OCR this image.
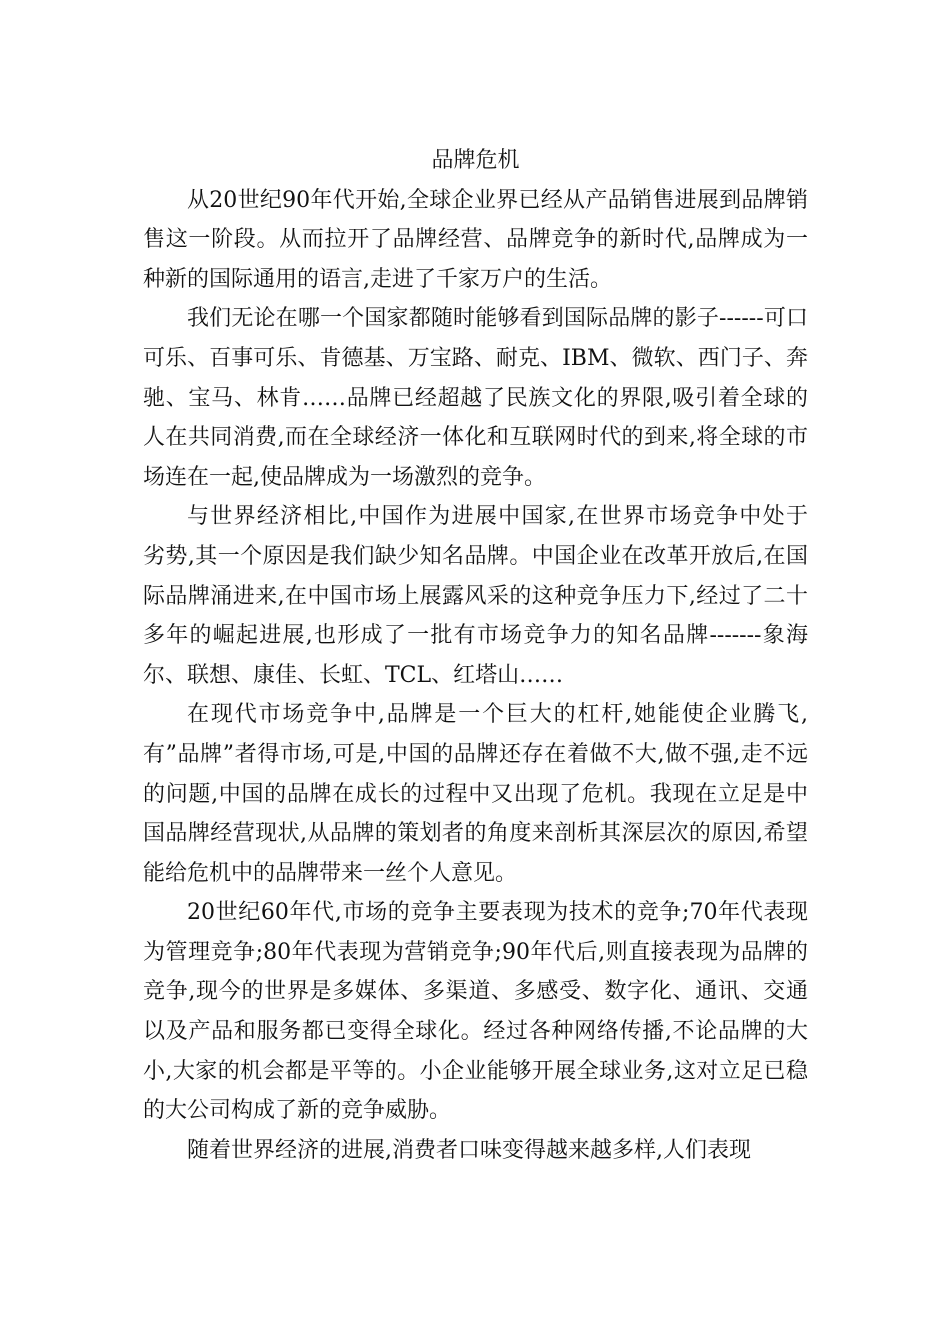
品牌危机

从20世纪90年代开始,全球企业界已经从产品销售进展到品牌销售这一阶段。从而拉开了品牌经营、品牌竞争的新时代,品牌成为一种新的国际通用的语言,走进了千家万户的生活。

我们无论在哪一个国家都随时能够看到国际品牌的影子------可口可乐、百事可乐、肯德基、万宝路、耐克、IBM、微软、西门子、奔驰、宝马、林肯……品牌已经超越了民族文化的界限,吸引着全球的人在共同消费,而在全球经济一体化和互联网时代的到来,将全球的市场连在一起,使品牌成为一场激烈的竞争。

与世界经济相比,中国作为进展中国家,在世界市场竞争中处于　劣势,其一个原因是我们缺少知名品牌。中国企业在改革开放后,在国际品牌涌进来,在中国市场上展露风采的这种竞争压力下,经过了二十多年的崛起进展,也形成了一批有市场竞争力的知名品牌-------象海尔、联想、康佳、长虹、TCL、红塔山……

在现代市场竞争中,品牌是一个巨大的杠杆,她能使企业腾飞,有”品牌”者得市场,可是,中国的品牌还存在着做不大,做不强,走不远的问题,中国的品牌在成长的过程中又出现了危机。我现在立足是中国品牌经营现状,从品牌的策划者的角度来剖析其深层次的原因,希望能给危机中的品牌带来一丝个人意见。

20世纪60年代,市场的竞争主要表现为技术的竞争;70年代表现为管理竞争;80年代表现为营销竞争;90年代后,则直接表现为品牌的竞争,现今的世界是多媒体、多渠道、多感受、数字化、通讯、交通以及产品和服务都已变得全球化。经过各种网络传播,不论品牌的大小,大家的机会都是平等的。小企业能够开展全球业务,这对立足已稳的大公司构成了新的竞争威胁。

随着世界经济的进展,消费者口味变得越来越多样,人们表现
